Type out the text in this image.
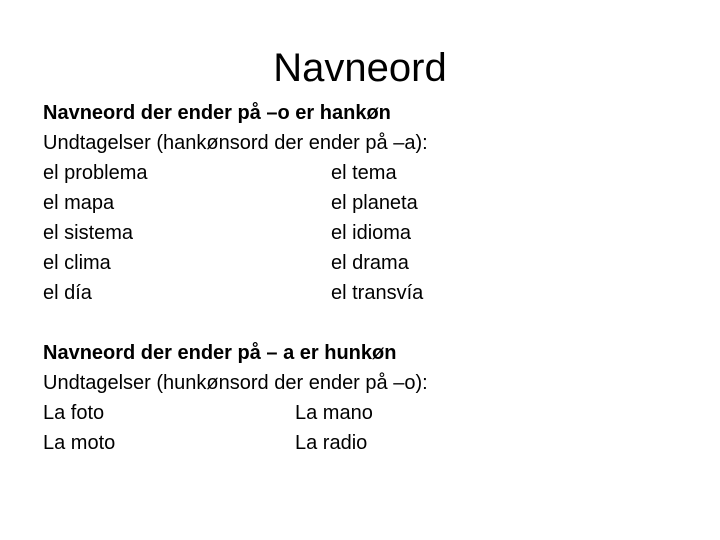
Navneord
Navneord der ender på –o er hankøn
Undtagelser (hankønsord der ender på –a):
el problema	el tema
el mapa	el planeta
el sistema	el idioma
el clima	el drama
el día	el transvía
Navneord der ender på – a er hunkøn
Undtagelser (hunkønsord der ender på –o):
La foto	La mano
La moto	La radio
